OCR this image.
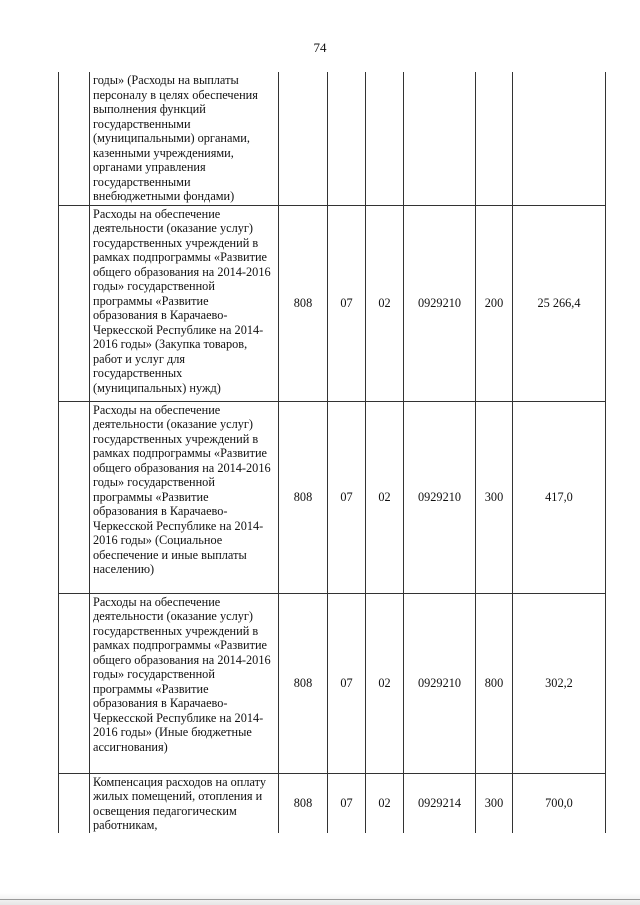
74
	годы» (Расходы на выплаты персоналу в целях обеспечения выполнения функций государственными (муниципальными) органами, казенными учреждениями, органами управления государственными внебюджетными фондами)						
	Расходы на обеспечение деятельности (оказание услуг) государственных учреждений в рамках подпрограммы «Развитие общего образования на 2014-2016 годы» государственной программы «Развитие образования в Карачаево-Черкесской Республике на 2014-2016 годы» (Закупка товаров, работ и услуг для государственных (муниципальных) нужд)	808	07	02	0929210	200	25 266,4
	Расходы на обеспечение деятельности (оказание услуг) государственных учреждений в рамках подпрограммы «Развитие общего образования на 2014-2016 годы» государственной программы «Развитие образования в Карачаево-Черкесской Республике на 2014-2016 годы» (Социальное обеспечение и иные выплаты населению)	808	07	02	0929210	300	417,0
	Расходы на обеспечение деятельности (оказание услуг) государственных учреждений в рамках подпрограммы «Развитие общего образования на 2014-2016 годы» государственной программы «Развитие образования в Карачаево-Черкесской Республике на 2014-2016 годы» (Иные бюджетные ассигнования)	808	07	02	0929210	800	302,2
	Компенсация расходов на оплату жилых помещений, отопления и освещения педагогическим работникам,	808	07	02	0929214	300	700,0
